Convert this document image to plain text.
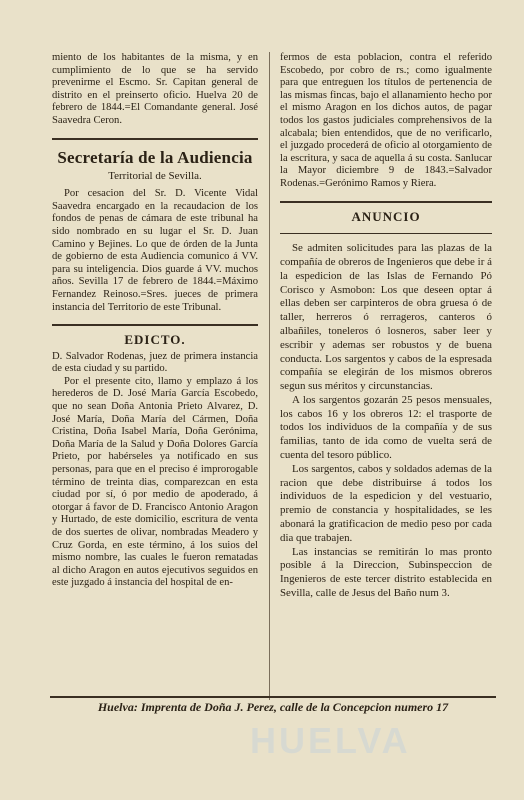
miento de los habitantes de la misma, y en cumplimiento de lo que se ha servido prevenirme el Escmo. Sr. Capitan general de distrito en el preinserto oficio. Huelva 20 de febrero de 1844.=El Comandante general. José Saavedra Ceron.

Secretaría de la Audiencia
Territorial de Sevilla.

Por cesacion del Sr. D. Vicente Vidal Saavedra encargado en la recaudacion de los fondos de penas de cámara de este tribunal ha sido nombrado en su lugar el Sr. D. Juan Camino y Bejines. Lo que de órden de la Junta de gobierno de esta Audiencia comunico á VV. para su inteligencia. Dios guarde á VV. muchos años. Sevilla 17 de febrero de 1844.=Máximo Fernandez Reinoso.=Sres. jueces de primera instancia del Territorio de este Tribunal.

EDICTO.

D. Salvador Rodenas, juez de primera instancia de esta ciudad y su partido.

Por el presente cito, llamo y emplazo á los herederos de D. José María García Escobedo, que no sean Doña Antonia Prieto Alvarez, D. José María, Doña María del Cármen, Doña Cristina, Doña Isabel María, Doña Gerónima, Doña María de la Salud y Doña Dolores García Prieto, por habérseles ya notificado en sus personas, para que en el preciso é improrogable término de treinta dias, comparezcan en esta ciudad por sí, ó por medio de apoderado, á otorgar á favor de D. Francisco Antonio Aragon y Hurtado, de este domicilio, escritura de venta de dos suertes de olivar, nombradas Meadero y Cruz Gorda, en este término, á los suios del mismo nombre, las cuales le fueron rematadas al dicho Aragon en autos ejecutivos seguidos en este juzgado á instancia del hospital de en-

fermos de esta poblacion, contra el referido Escobedo, por cobro de rs.; como igualmente para que entreguen los títulos de pertenencia de las mismas fincas, bajo el allanamiento hecho por el mismo Aragon en los dichos autos, de pagar todos los gastos judiciales comprehensivos de la alcabala; bien entendidos, que de no verificarlo, el juzgado procederá de oficio al otorgamiento de la escritura, y saca de aquella á su costa. Sanlucar la Mayor diciembre 9 de 1843.=Salvador Rodenas.=Gerónimo Ramos y Riera.

ANUNCIO

Se admiten solicitudes para las plazas de la compañía de obreros de Ingenieros que debe ir á la espedicion de las Islas de Fernando Pó Corisco y Asmobon: Los que deseen optar á ellas deben ser carpinteros de obra gruesa ó de taller, herreros ó rerrageros, canteros ó albañiles, toneleros ó losneros, saber leer y escribir y ademas ser robustos y de buena conducta. Los sargentos y cabos de la espresada compañía se elegirán de los mismos obreros segun sus méritos y circunstancias.

A los sargentos gozarán 25 pesos mensuales, los cabos 16 y los obreros 12: el trasporte de todos los individuos de la compañía y de sus familias, tanto de ida como de vuelta será de cuenta del tesoro público.

Los sargentos, cabos y soldados ademas de la racion que debe distribuirse á todos los individuos de la espedicion y del vestuario, premio de constancia y hospitalidades, se les abonará la gratificacion de medio peso por cada dia que trabajen.

Las instancias se remitirán lo mas pronto posible á la Direccion, Subinspeccion de Ingenieros de este tercer distrito establecida en Sevilla, calle de Jesus del Baño num 3.

Huelva: Imprenta de Doña J. Perez, calle de la Concepcion numero 17
HUELVA
